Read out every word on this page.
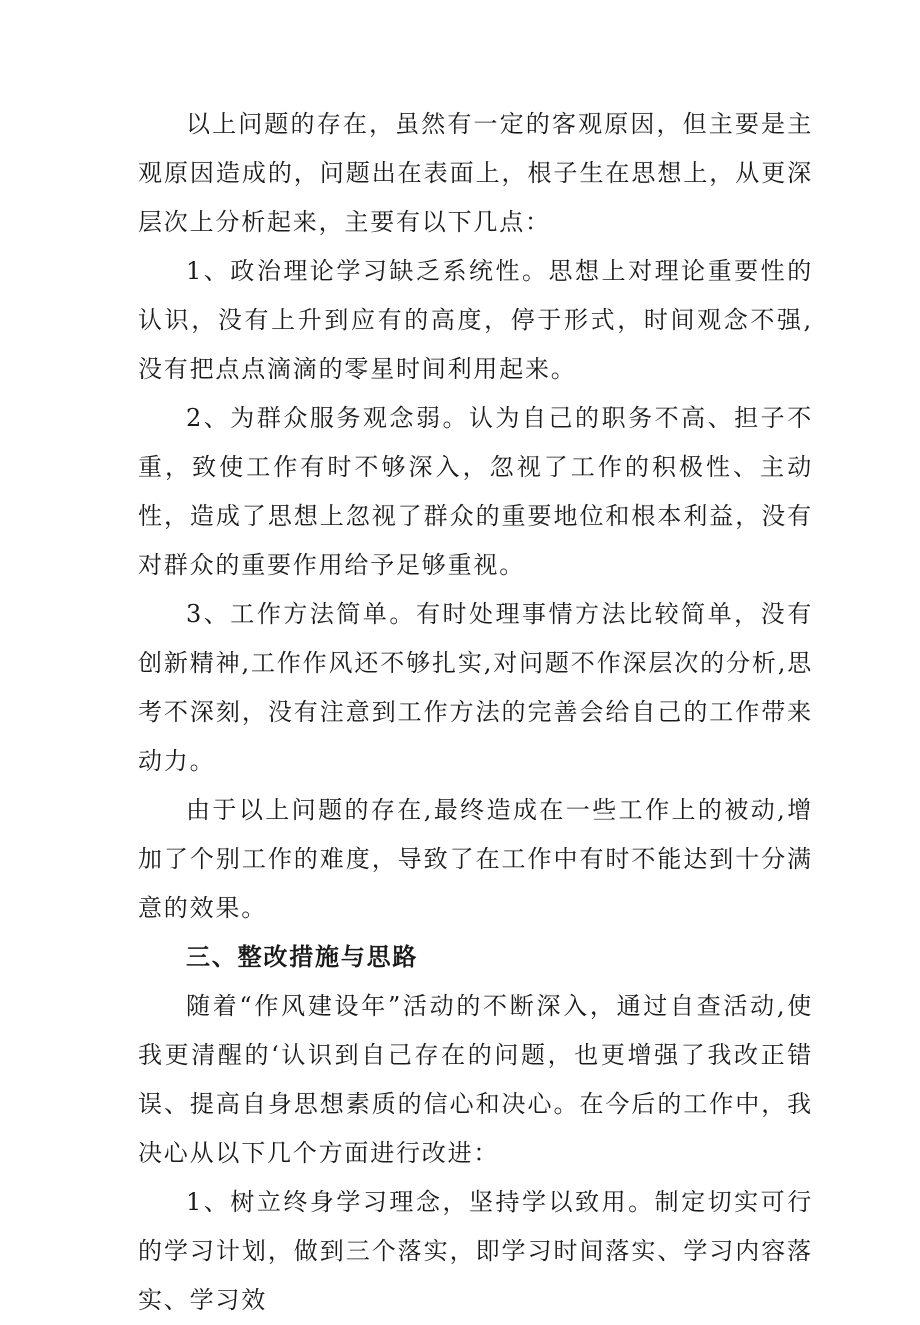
以上问题的存在，虽然有一定的客观原因，但主要是主观原因造成的，问题出在表面上，根子生在思想上，从更深层次上分析起来，主要有以下几点：

1、政治理论学习缺乏系统性。思想上对理论重要性的认识，没有上升到应有的高度，停于形式，时间观念不强,没有把点点滴滴的零星时间利用起来。

2、为群众服务观念弱。认为自己的职务不高、担子不重，致使工作有时不够深入，忽视了工作的积极性、主动性，造成了思想上忽视了群众的重要地位和根本利益，没有对群众的重要作用给予足够重视。

3、工作方法简单。有时处理事情方法比较简单，没有创新精神,工作作风还不够扎实,对问题不作深层次的分析,思考不深刻，没有注意到工作方法的完善会给自己的工作带来动力。

由于以上问题的存在,最终造成在一些工作上的被动,增加了个别工作的难度，导致了在工作中有时不能达到十分满意的效果。

三、整改措施与思路

随着“作风建设年”活动的不断深入，通过自查活动,使我更清醒的‘认识到自己存在的问题，也更增强了我改正错误、提高自身思想素质的信心和决心。在今后的工作中，我决心从以下几个方面进行改进：

1、树立终身学习理念，坚持学以致用。制定切实可行的学习计划，做到三个落实，即学习时间落实、学习内容落实、学习效
